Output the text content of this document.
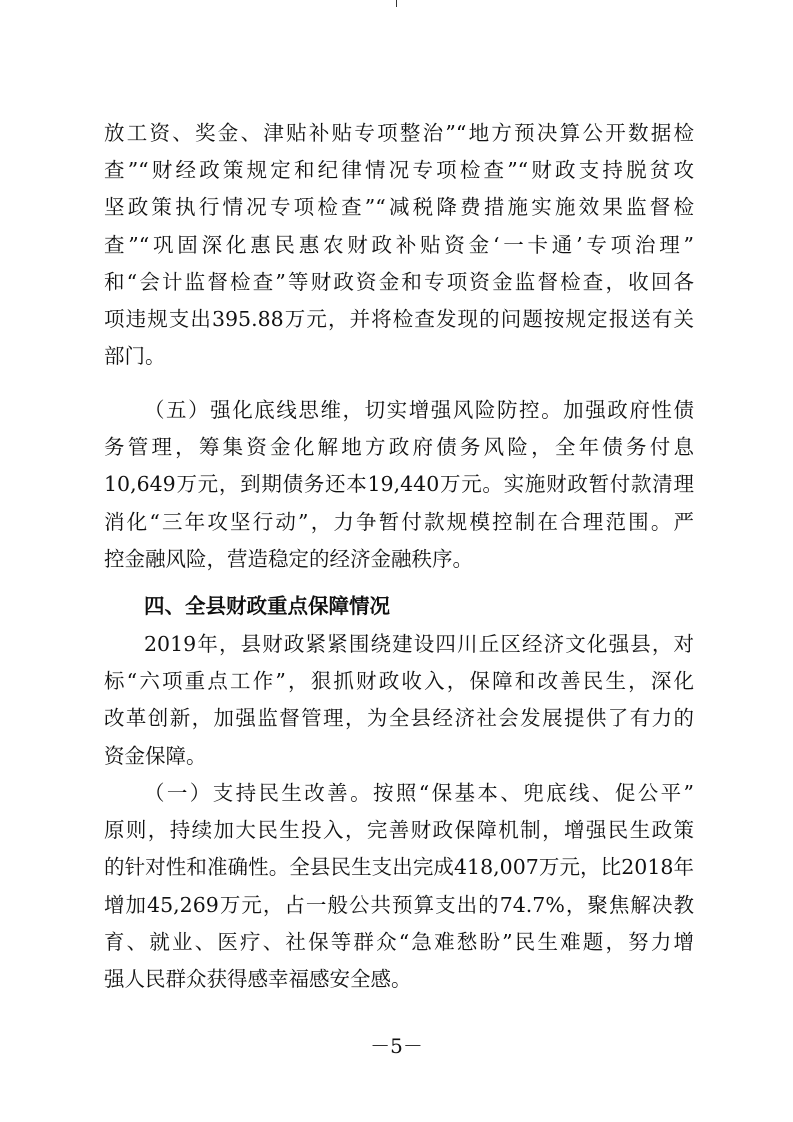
放工资、奖金、津贴补贴专项整治”“地方预决算公开数据检
查”“财经政策规定和纪律情况专项检查”“财政支持脱贫攻
坚政策执行情况专项检查”“减税降费措施实施效果监督检
查”“巩固深化惠民惠农财政补贴资金‘一卡通’专项治理”
和“会计监督检查”等财政资金和专项资金监督检查，收回各
项违规支出395.88万元，并将检查发现的问题按规定报送有关
部门。
（五）强化底线思维，切实增强风险防控。加强政府性债
务管理，筹集资金化解地方政府债务风险，全年债务付息
10,649万元，到期债务还本19,440万元。实施财政暂付款清理
消化“三年攻坚行动”，力争暂付款规模控制在合理范围。严
控金融风险，营造稳定的经济金融秩序。
四、全县财政重点保障情况
2019年，县财政紧紧围绕建设四川丘区经济文化强县，对
标“六项重点工作”，狠抓财政收入，保障和改善民生，深化
改革创新，加强监督管理，为全县经济社会发展提供了有力的
资金保障。
（一）支持民生改善。按照“保基本、兜底线、促公平”
原则，持续加大民生投入，完善财政保障机制，增强民生政策
的针对性和准确性。全县民生支出完成418,007万元，比2018年
增加45,269万元，占一般公共预算支出的74.7%，聚焦解决教
育、就业、医疗、社保等群众“急难愁盼”民生难题，努力增
强人民群众获得感幸福感安全感。
－5－
